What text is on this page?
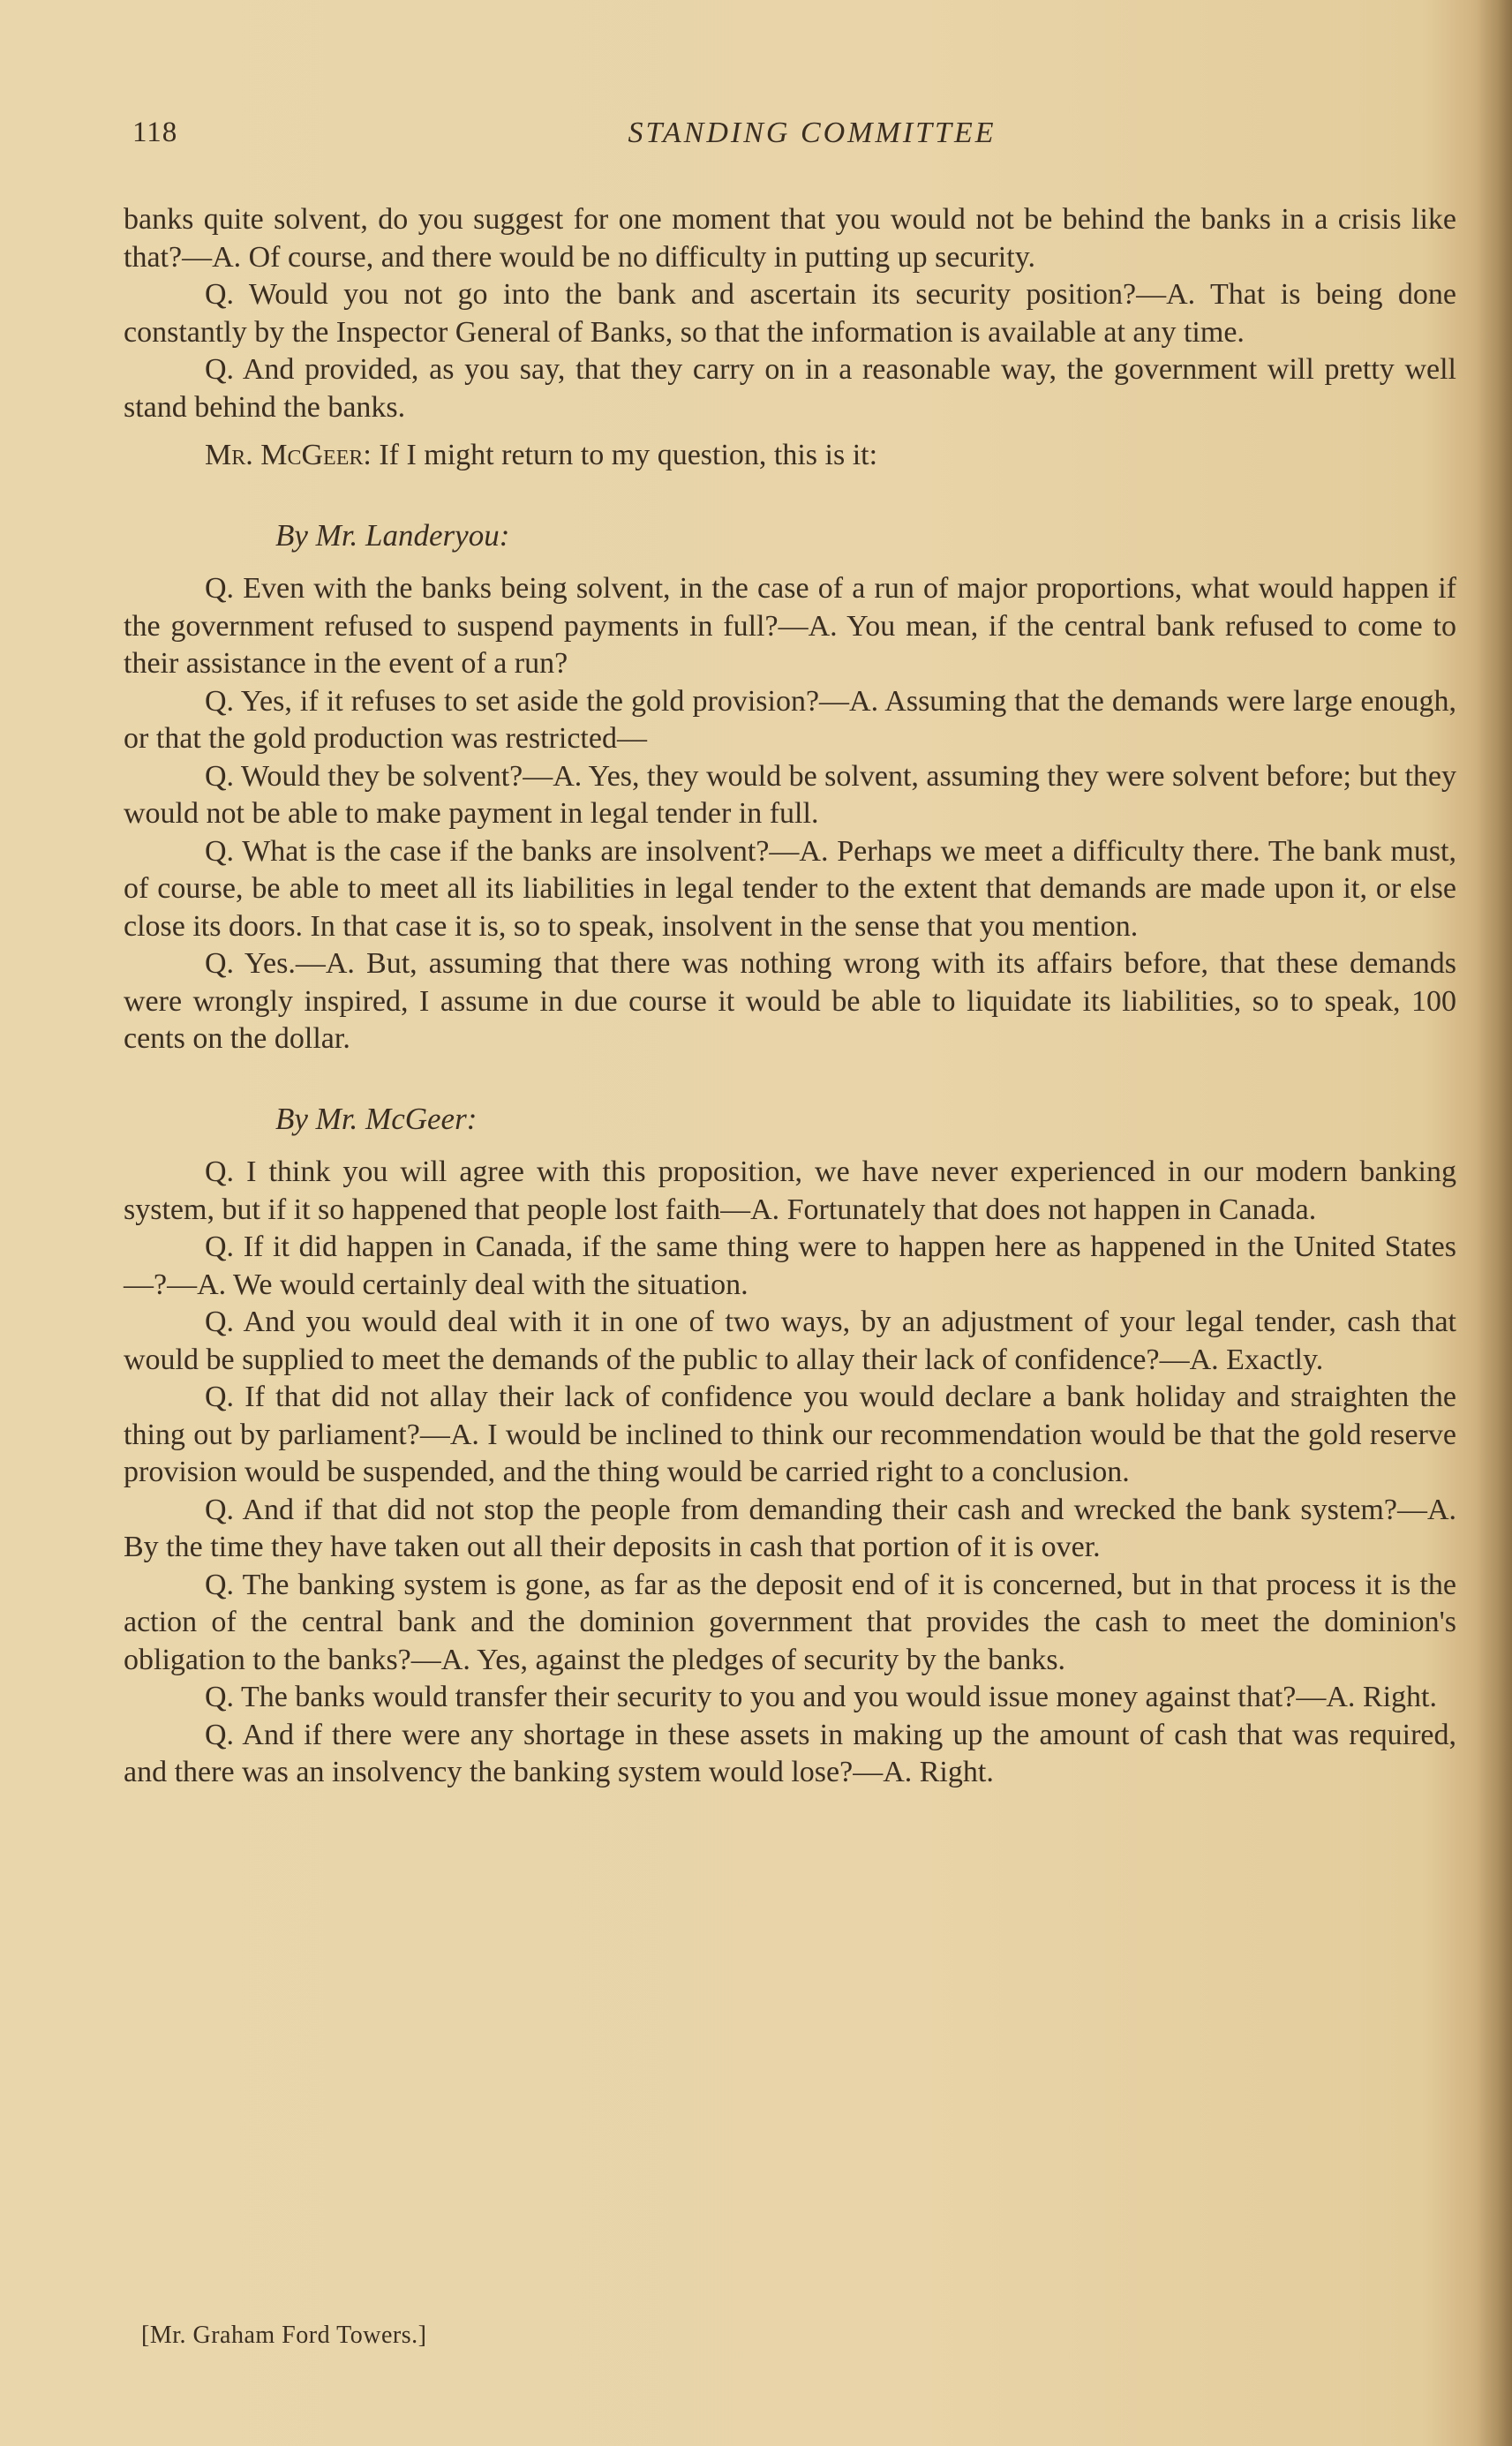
118	STANDING COMMITTEE

banks quite solvent, do you suggest for one moment that you would not be behind the banks in a crisis like that?—A. Of course, and there would be no difficulty in putting up security.

Q. Would you not go into the bank and ascertain its security position?—A. That is being done constantly by the Inspector General of Banks, so that the information is available at any time.

Q. And provided, as you say, that they carry on in a reasonable way, the government will pretty well stand behind the banks.

Mr. McGeer: If I might return to my question, this is it:

By Mr. Landeryou:

Q. Even with the banks being solvent, in the case of a run of major proportions, what would happen if the government refused to suspend payments in full?—A. You mean, if the central bank refused to come to their assistance in the event of a run?

Q. Yes, if it refuses to set aside the gold provision?—A. Assuming that the demands were large enough, or that the gold production was restricted—

Q. Would they be solvent?—A. Yes, they would be solvent, assuming they were solvent before; but they would not be able to make payment in legal tender in full.

Q. What is the case if the banks are insolvent?—A. Perhaps we meet a difficulty there. The bank must, of course, be able to meet all its liabilities in legal tender to the extent that demands are made upon it, or else close its doors. In that case it is, so to speak, insolvent in the sense that you mention.

Q. Yes.—A. But, assuming that there was nothing wrong with its affairs before, that these demands were wrongly inspired, I assume in due course it would be able to liquidate its liabilities, so to speak, 100 cents on the dollar.

By Mr. McGeer:

Q. I think you will agree with this proposition, we have never experienced in our modern banking system, but if it so happened that people lost faith—A. Fortunately that does not happen in Canada.

Q. If it did happen in Canada, if the same thing were to happen here as happened in the United States—?—A. We would certainly deal with the situation.

Q. And you would deal with it in one of two ways, by an adjustment of your legal tender, cash that would be supplied to meet the demands of the public to allay their lack of confidence?—A. Exactly.

Q. If that did not allay their lack of confidence you would declare a bank holiday and straighten the thing out by parliament?—A. I would be inclined to think our recommendation would be that the gold reserve provision would be suspended, and the thing would be carried right to a conclusion.

Q. And if that did not stop the people from demanding their cash and wrecked the bank system?—A. By the time they have taken out all their deposits in cash that portion of it is over.

Q. The banking system is gone, as far as the deposit end of it is concerned, but in that process it is the action of the central bank and the dominion government that provides the cash to meet the dominion's obligation to the banks?—A. Yes, against the pledges of security by the banks.

Q. The banks would transfer their security to you and you would issue money against that?—A. Right.

Q. And if there were any shortage in these assets in making up the amount of cash that was required, and there was an insolvency the banking system would lose?—A. Right.

[Mr. Graham Ford Towers.]
